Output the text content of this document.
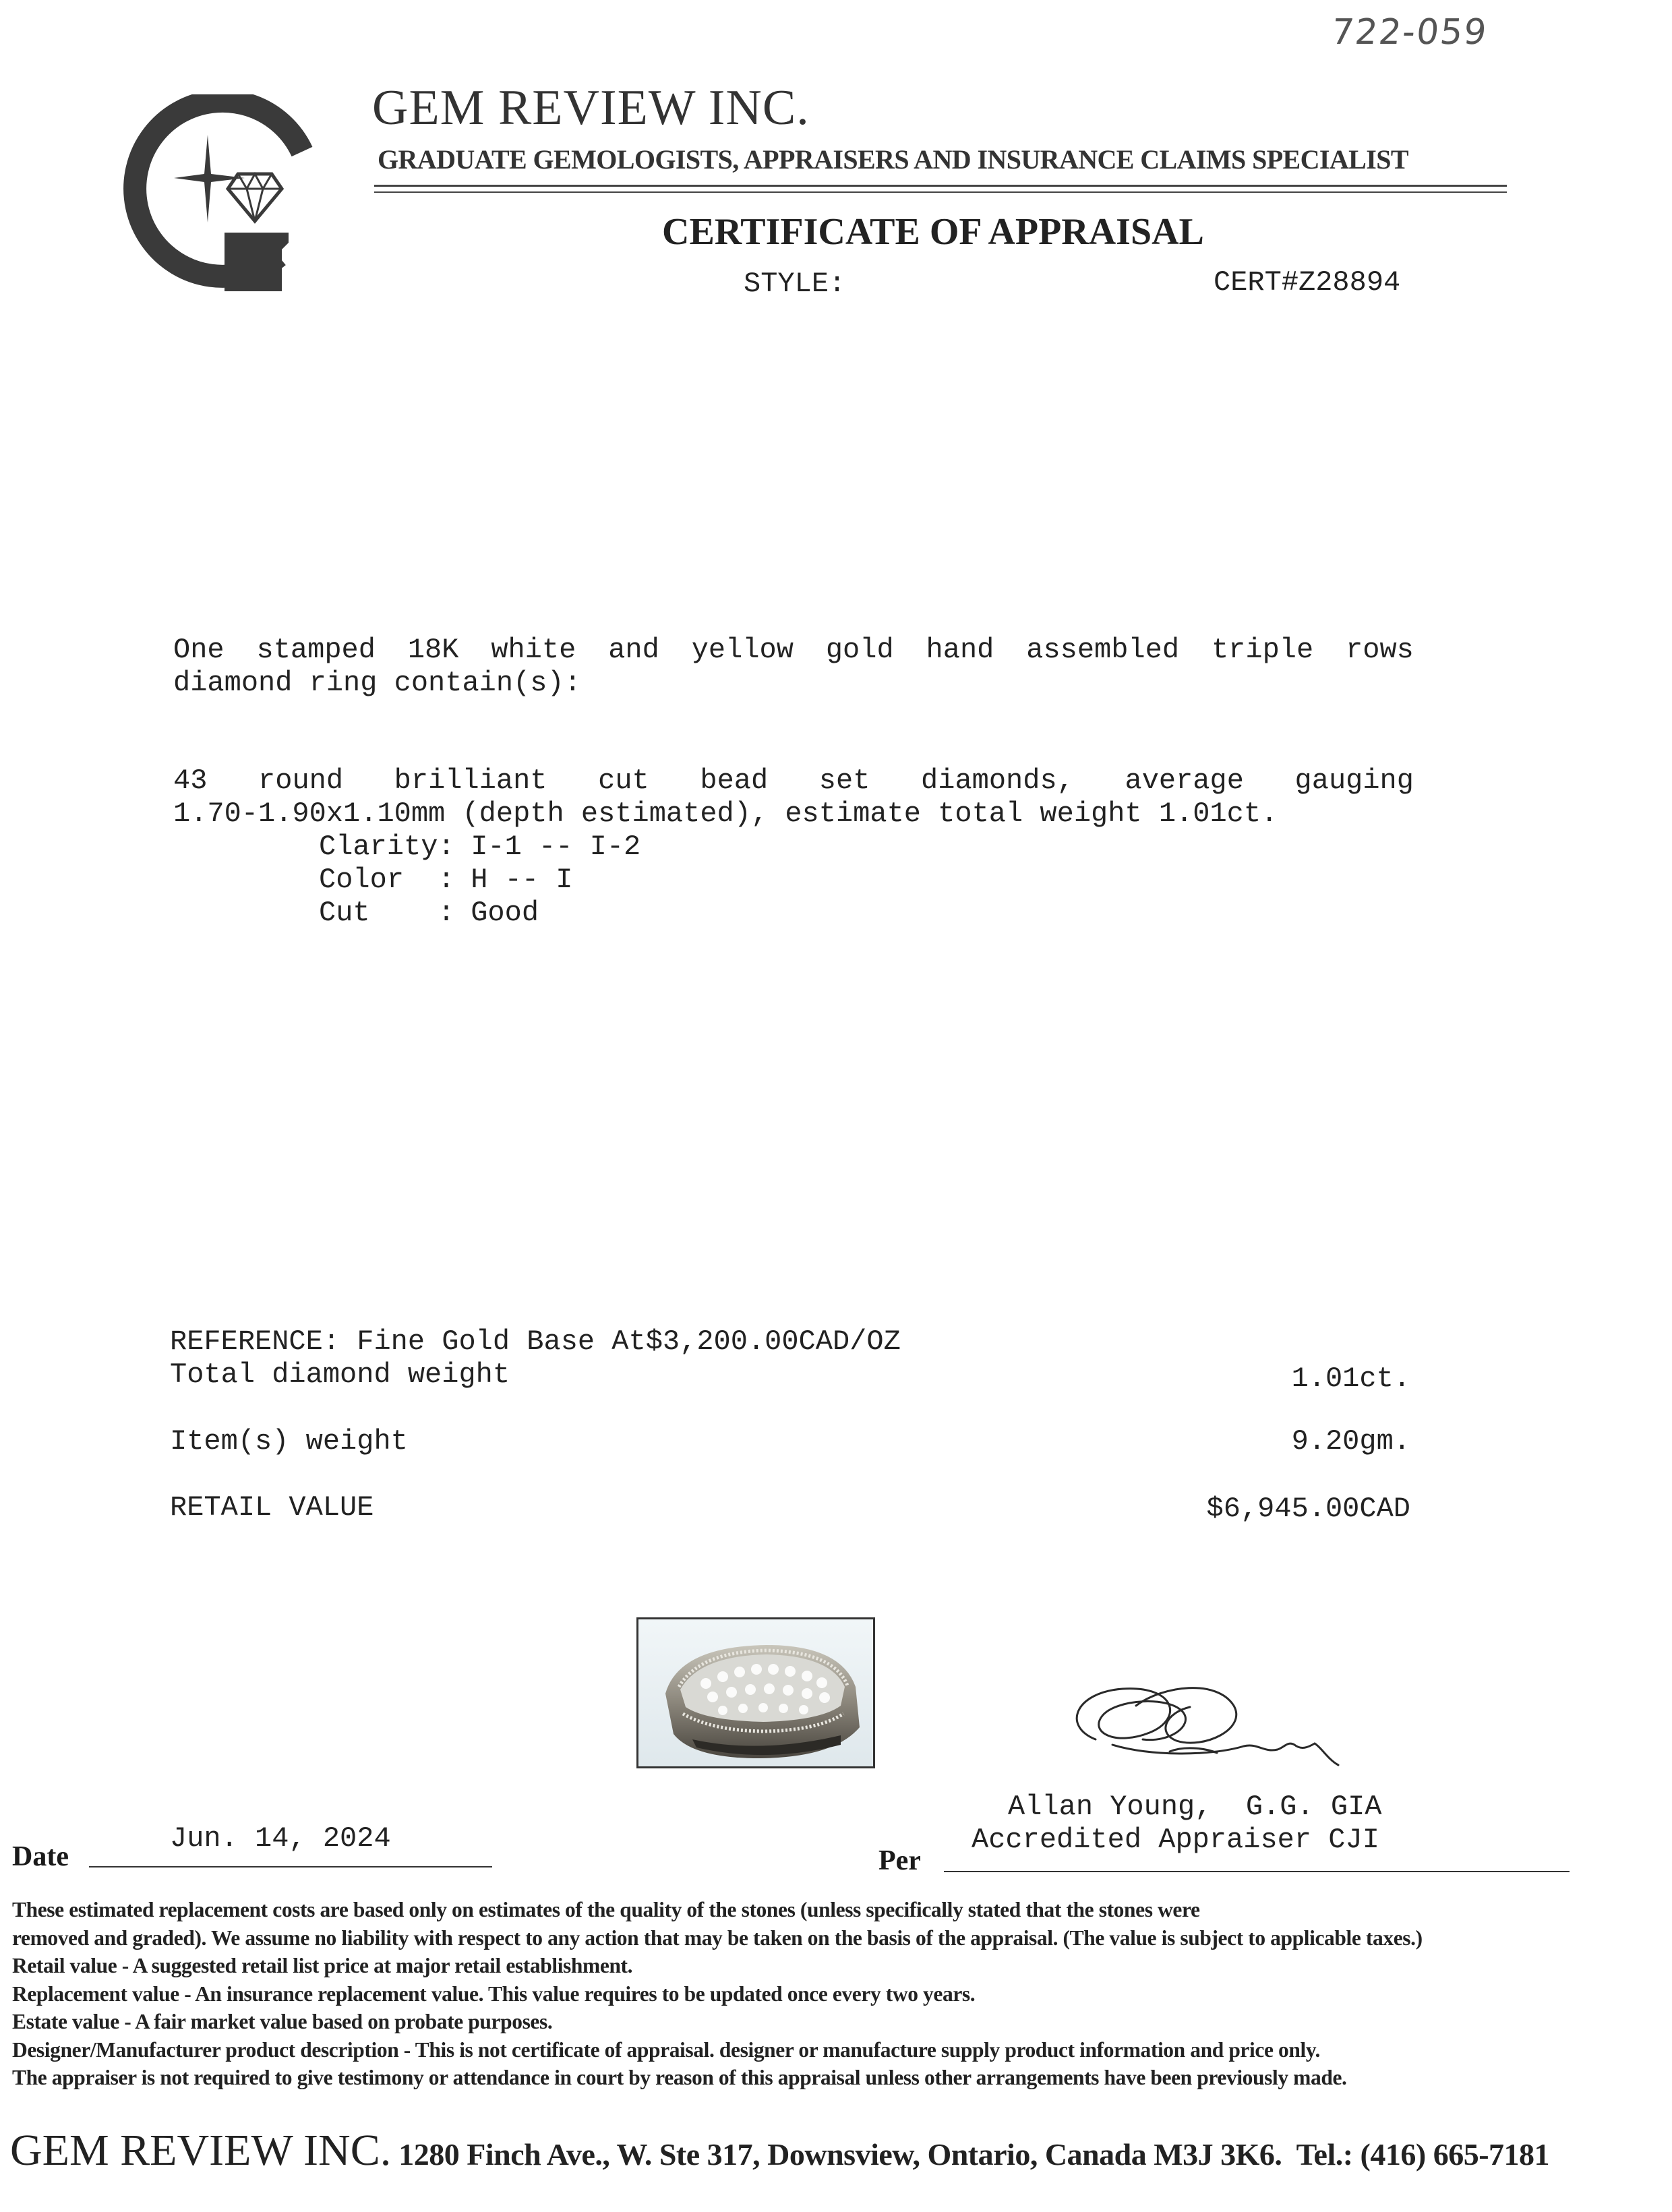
722-059
GEM REVIEW INC.
GRADUATE GEMOLOGISTS, APPRAISERS AND INSURANCE CLAIMS SPECIALIST
CERTIFICATE OF APPRAISAL
STYLE:	CERT#Z28894
One stamped 18K white and yellow gold hand assembled triple rows
diamond ring contain(s):
43 round brilliant cut bead set diamonds, average gauging
1.70-1.90x1.10mm (depth estimated), estimate total weight 1.01ct.
Clarity: I-1 -- I-2
Color  : H -- I
Cut    : Good
REFERENCE: Fine Gold Base At$3,200.00CAD/OZ
Total diamond weight	1.01ct.
Item(s) weight	9.20gm.
RETAIL VALUE	$6,945.00CAD
Jun. 14, 2024
Date
Allan Young,  G.G. GIA
Accredited Appraiser CJI
Per
These estimated replacement costs are based only on estimates of the quality of the stones (unless specifically stated that the stones were
removed and graded). We assume no liability with respect to any action that may be taken on the basis of the appraisal. (The value is subject to applicable taxes.)
Retail value - A suggested retail list price at major retail establishment.
Replacement value - An insurance replacement value. This value requires to be updated once every two years.
Estate value - A fair market value based on probate purposes.
Designer/Manufacturer product description - This is not certificate of appraisal. designer or manufacture supply product information and price only.
The appraiser is not required to give testimony or attendance in court by reason of this appraisal unless other arrangements have been previously made.
GEM REVIEW INC. 1280 Finch Ave., W. Ste 317, Downsview, Ontario, Canada M3J 3K6.  Tel.: (416) 665-7181
